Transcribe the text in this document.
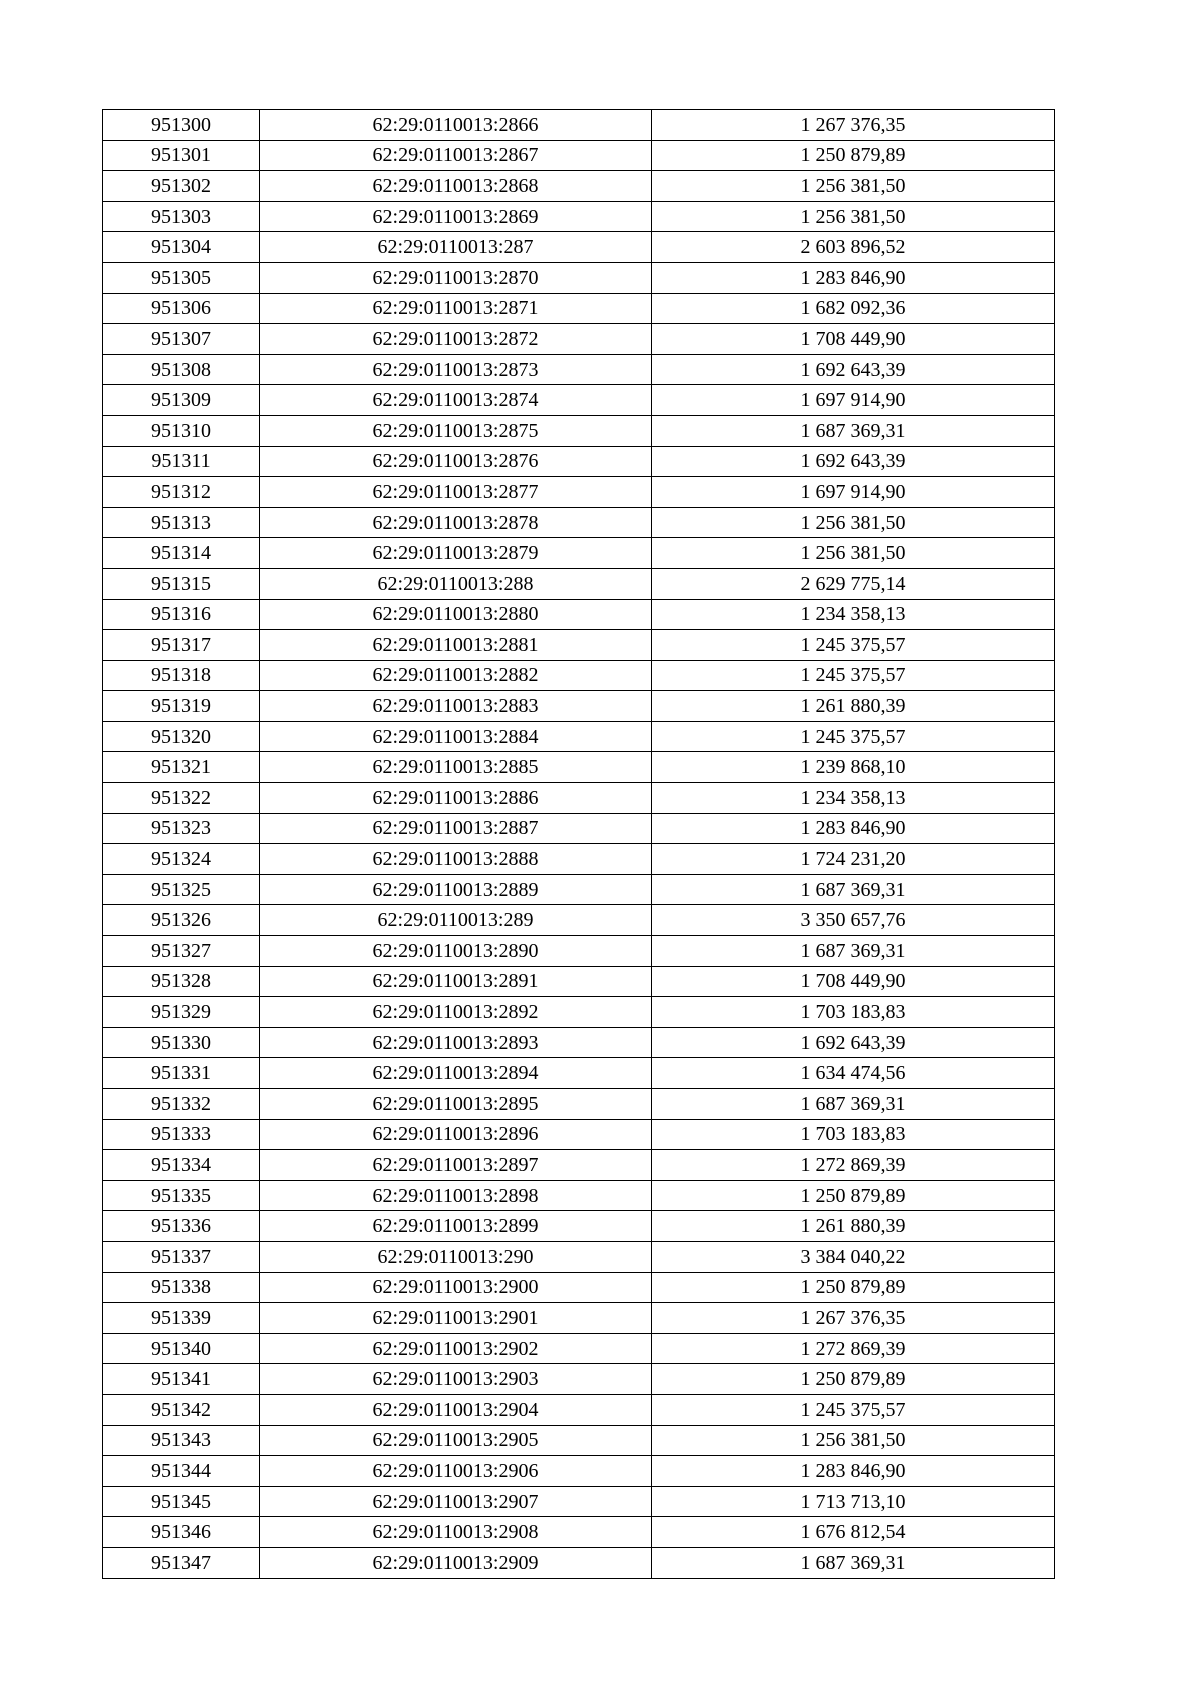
951300	62:29:0110013:2866	1 267 376,35
951301	62:29:0110013:2867	1 250 879,89
951302	62:29:0110013:2868	1 256 381,50
951303	62:29:0110013:2869	1 256 381,50
951304	62:29:0110013:287	2 603 896,52
951305	62:29:0110013:2870	1 283 846,90
951306	62:29:0110013:2871	1 682 092,36
951307	62:29:0110013:2872	1 708 449,90
951308	62:29:0110013:2873	1 692 643,39
951309	62:29:0110013:2874	1 697 914,90
951310	62:29:0110013:2875	1 687 369,31
951311	62:29:0110013:2876	1 692 643,39
951312	62:29:0110013:2877	1 697 914,90
951313	62:29:0110013:2878	1 256 381,50
951314	62:29:0110013:2879	1 256 381,50
951315	62:29:0110013:288	2 629 775,14
951316	62:29:0110013:2880	1 234 358,13
951317	62:29:0110013:2881	1 245 375,57
951318	62:29:0110013:2882	1 245 375,57
951319	62:29:0110013:2883	1 261 880,39
951320	62:29:0110013:2884	1 245 375,57
951321	62:29:0110013:2885	1 239 868,10
951322	62:29:0110013:2886	1 234 358,13
951323	62:29:0110013:2887	1 283 846,90
951324	62:29:0110013:2888	1 724 231,20
951325	62:29:0110013:2889	1 687 369,31
951326	62:29:0110013:289	3 350 657,76
951327	62:29:0110013:2890	1 687 369,31
951328	62:29:0110013:2891	1 708 449,90
951329	62:29:0110013:2892	1 703 183,83
951330	62:29:0110013:2893	1 692 643,39
951331	62:29:0110013:2894	1 634 474,56
951332	62:29:0110013:2895	1 687 369,31
951333	62:29:0110013:2896	1 703 183,83
951334	62:29:0110013:2897	1 272 869,39
951335	62:29:0110013:2898	1 250 879,89
951336	62:29:0110013:2899	1 261 880,39
951337	62:29:0110013:290	3 384 040,22
951338	62:29:0110013:2900	1 250 879,89
951339	62:29:0110013:2901	1 267 376,35
951340	62:29:0110013:2902	1 272 869,39
951341	62:29:0110013:2903	1 250 879,89
951342	62:29:0110013:2904	1 245 375,57
951343	62:29:0110013:2905	1 256 381,50
951344	62:29:0110013:2906	1 283 846,90
951345	62:29:0110013:2907	1 713 713,10
951346	62:29:0110013:2908	1 676 812,54
951347	62:29:0110013:2909	1 687 369,31
